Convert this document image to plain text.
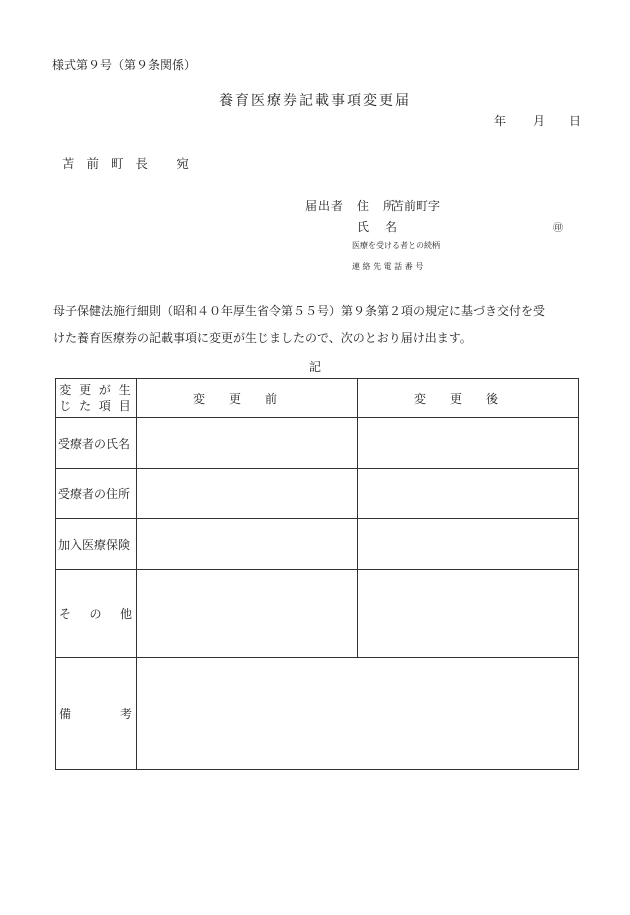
様式第９号（第９条関係）
養育医療券記載事項変更届
年 月 日
苫 前 町 長　 宛
届出者　住　所
苫前町字
氏　名	㊞
医療を受ける者との続柄
連 絡 先 電 話 番 号
母子保健法施行細則（昭和４０年厚生省令第５５号）第９条第２項の規定に基づき交付を受
けた養育医療券の記載事項に変更が生じましたので、次のとおり届け出ます。
記
変 更 が 生
じ た 項 目	変更前	変更後
受療者の氏名		
受療者の住所		
加入医療保険		

そ の 他		

備 考		
